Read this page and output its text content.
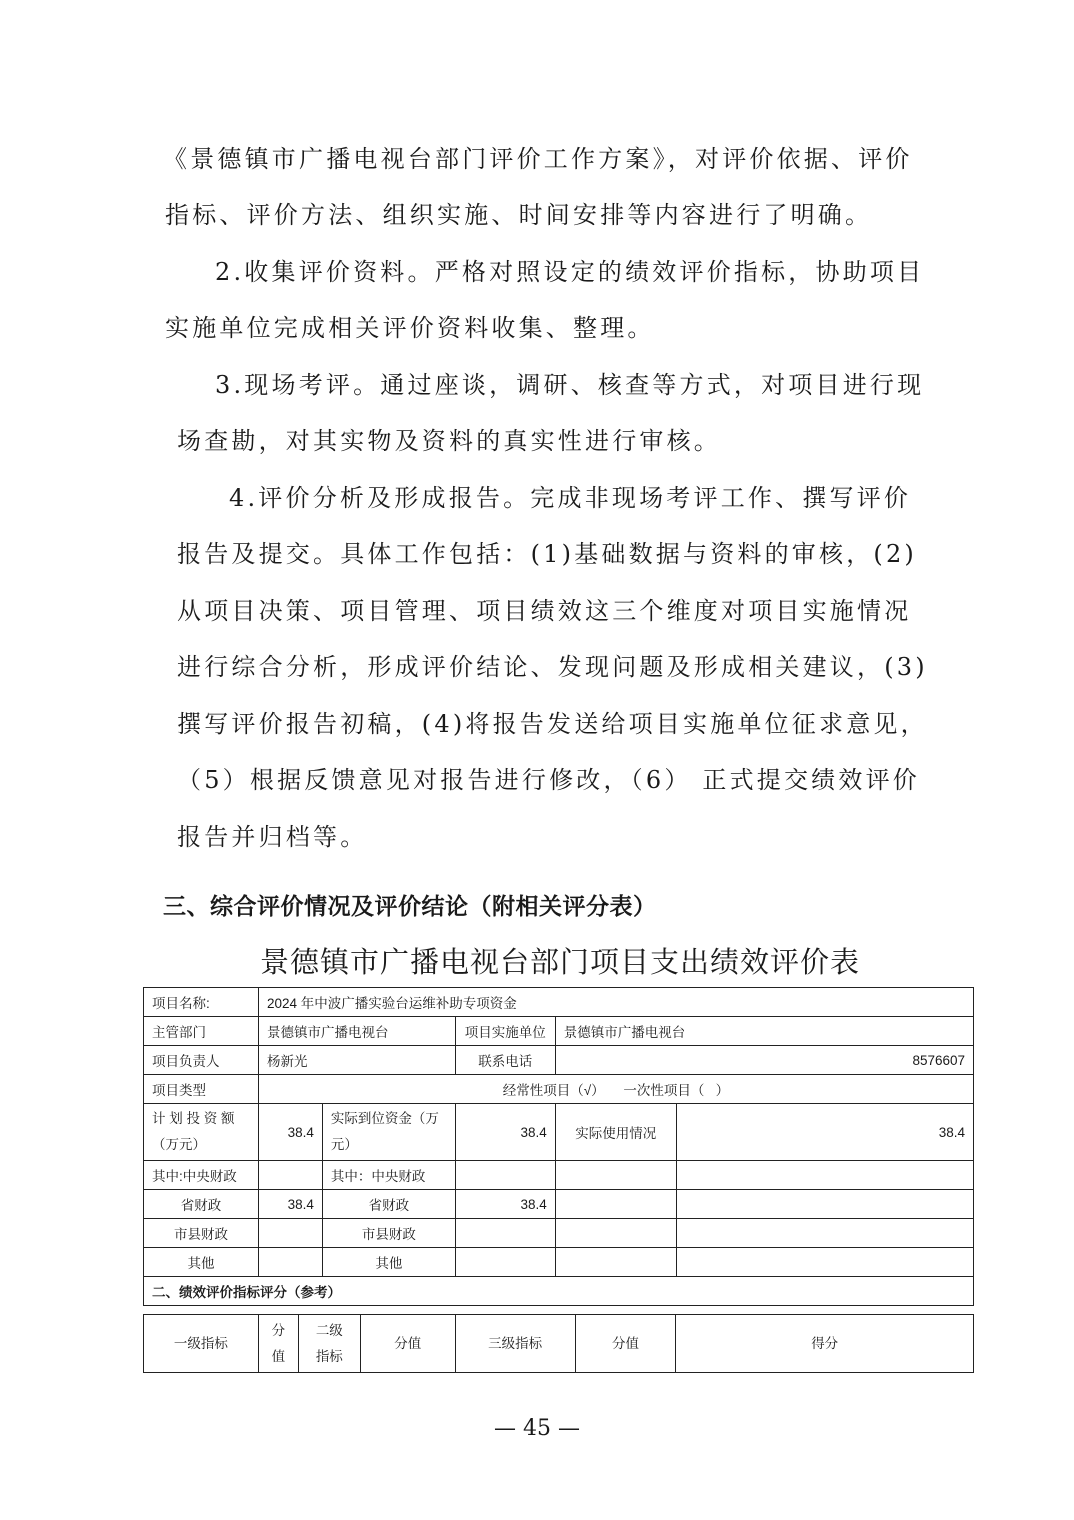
《景德镇市广播电视台部门评价工作方案》，对评价依据、评价
指标、评价方法、组织实施、时间安排等内容进行了明确。
2.收集评价资料。严格对照设定的绩效评价指标，协助项目
实施单位完成相关评价资料收集、整理。
3.现场考评。通过座谈，调研、核查等方式，对项目进行现
场查勘，对其实物及资料的真实性进行审核。
4.评价分析及形成报告。完成非现场考评工作、撰写评价
报告及提交。具体工作包括：(1)基础数据与资料的审核，(2)
从项目决策、项目管理、项目绩效这三个维度对项目实施情况
进行综合分析，形成评价结论、发现问题及形成相关建议，(3)
撰写评价报告初稿，(4)将报告发送给项目实施单位征求意见，
（5）根据反馈意见对报告进行修改，（6） 正式提交绩效评价
报告并归档等。
三、综合评价情况及评价结论（附相关评分表）
景德镇市广播电视台部门项目支出绩效评价表
项目名称:	2024 年中波广播实验台运维补助专项资金				
主管部门	景德镇市广播电视台		项目实施单位	景德镇市广播电视台	
项目负责人	杨新光		联系电话	8576607	
项目类型	经常性项目（√）     一次性项目（   ）				
计 划 投 资 额（万元）	38.4	实际到位资金（万元）	38.4	实际使用情况	38.4
其中:中央财政		其中：中央财政			
省财政	38.4	省财政	38.4		
市县财政		市县财政			
其他		其他			
二、绩效评价指标评分（参考）					
一级指标	分值	二级指标	分值	三级指标	分值	得分
— 45 —
